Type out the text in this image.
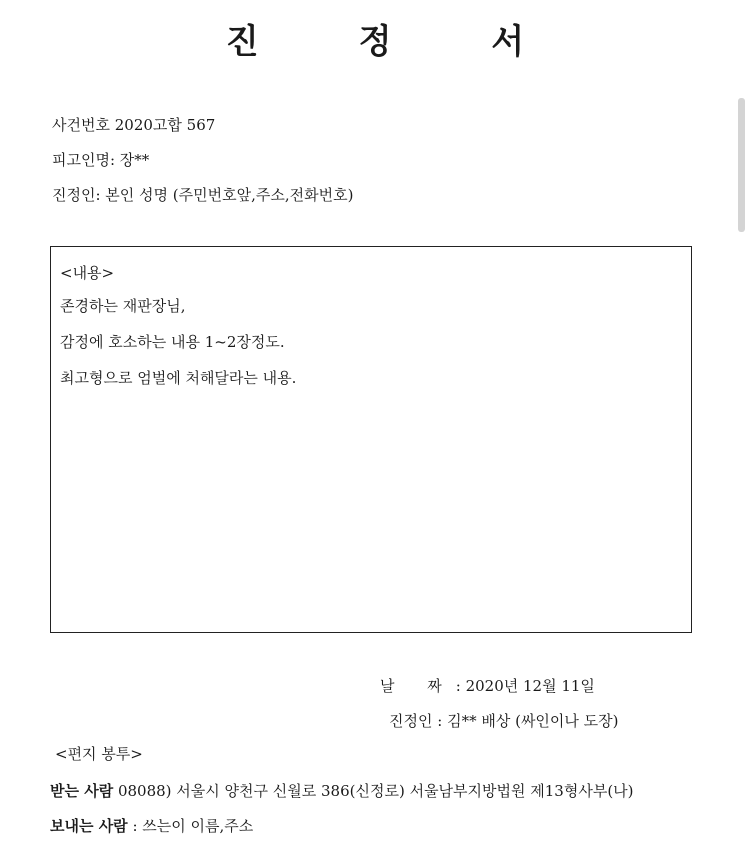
진 정 서
사건번호 2020고합 567
피고인명: 장**
진정인: 본인 성명 (주민번호앞,주소,전화번호)
<내용>
존경하는 재판장님,
감정에 호소하는 내용 1~2장정도.
최고형으로 엄벌에 처해달라는 내용.
날 짜: 2020년 12월 11일
진정인 : 김** 배상 (싸인이나 도장)
<편지 봉투>
받는 사람 08088) 서울시 양천구 신월로 386(신정로) 서울남부지방법원 제13형사부(나)
보내는 사람 : 쓰는이 이름,주소
